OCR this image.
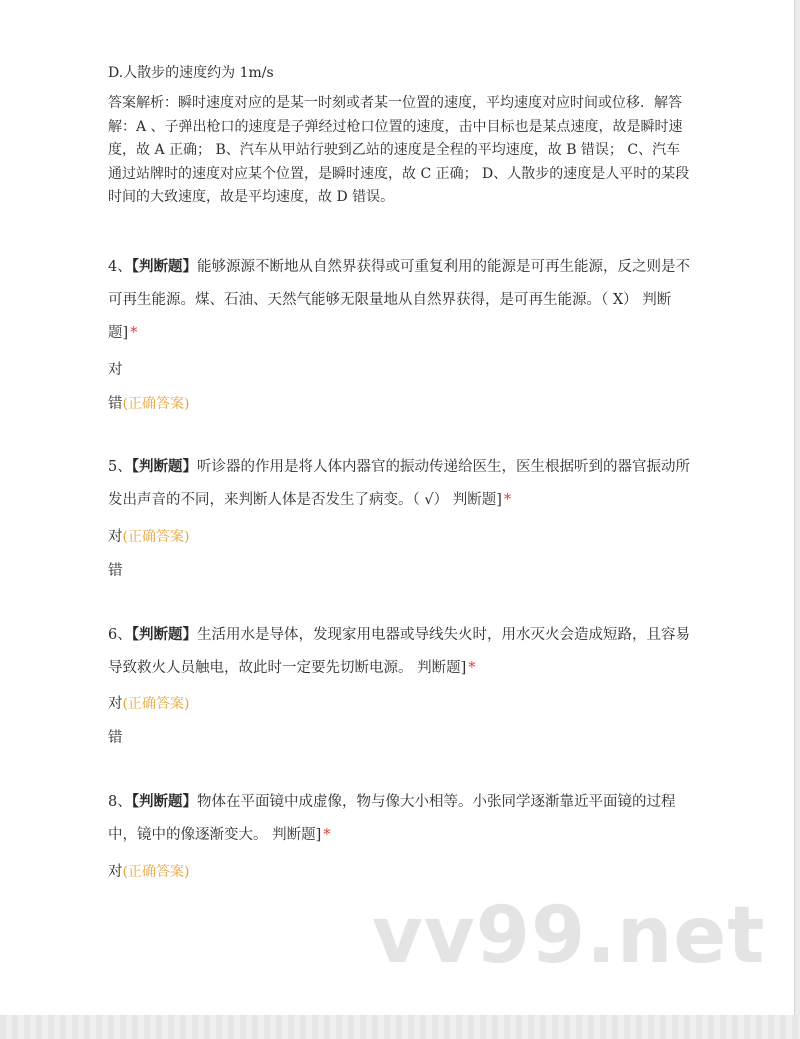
D.人散步的速度约为 1m/s
答案解析：瞬时速度对应的是某一时刻或者某一位置的速度，平均速度对应时间或位移．解答 解：A 、子弹出枪口的速度是子弹经过枪口位置的速度，击中目标也是某点速度，故是瞬时速度，故 A 正确； B、汽车从甲站行驶到乙站的速度是全程的平均速度，故 B 错误； C、汽车通过站牌时的速度对应某个位置，是瞬时速度，故 C 正确； D、人散步的速度是人平时的某段时间的大致速度，故是平均速度，故 D 错误。
4、【判断题】能够源源不断地从自然界获得或可重复利用的能源是可再生能源，反之则是不可再生能源。煤、石油、天然气能够无限量地从自然界获得，是可再生能源。（ X） 判断题] *
对
错(正确答案)
5、【判断题】听诊器的作用是将人体内器官的振动传递给医生，医生根据听到的器官振动所发出声音的不同，来判断人体是否发生了病变。（ √） 判断题] *
对(正确答案)
错
6、【判断题】生活用水是导体，发现家用电器或导线失火时，用水灭火会造成短路，且容易导致救火人员触电，故此时一定要先切断电源。 判断题] *
对(正确答案)
错
8、【判断题】物体在平面镜中成虚像，物与像大小相等。小张同学逐渐靠近平面镜的过程中，镜中的像逐渐变大。 判断题] *
对(正确答案)
vv99.net
